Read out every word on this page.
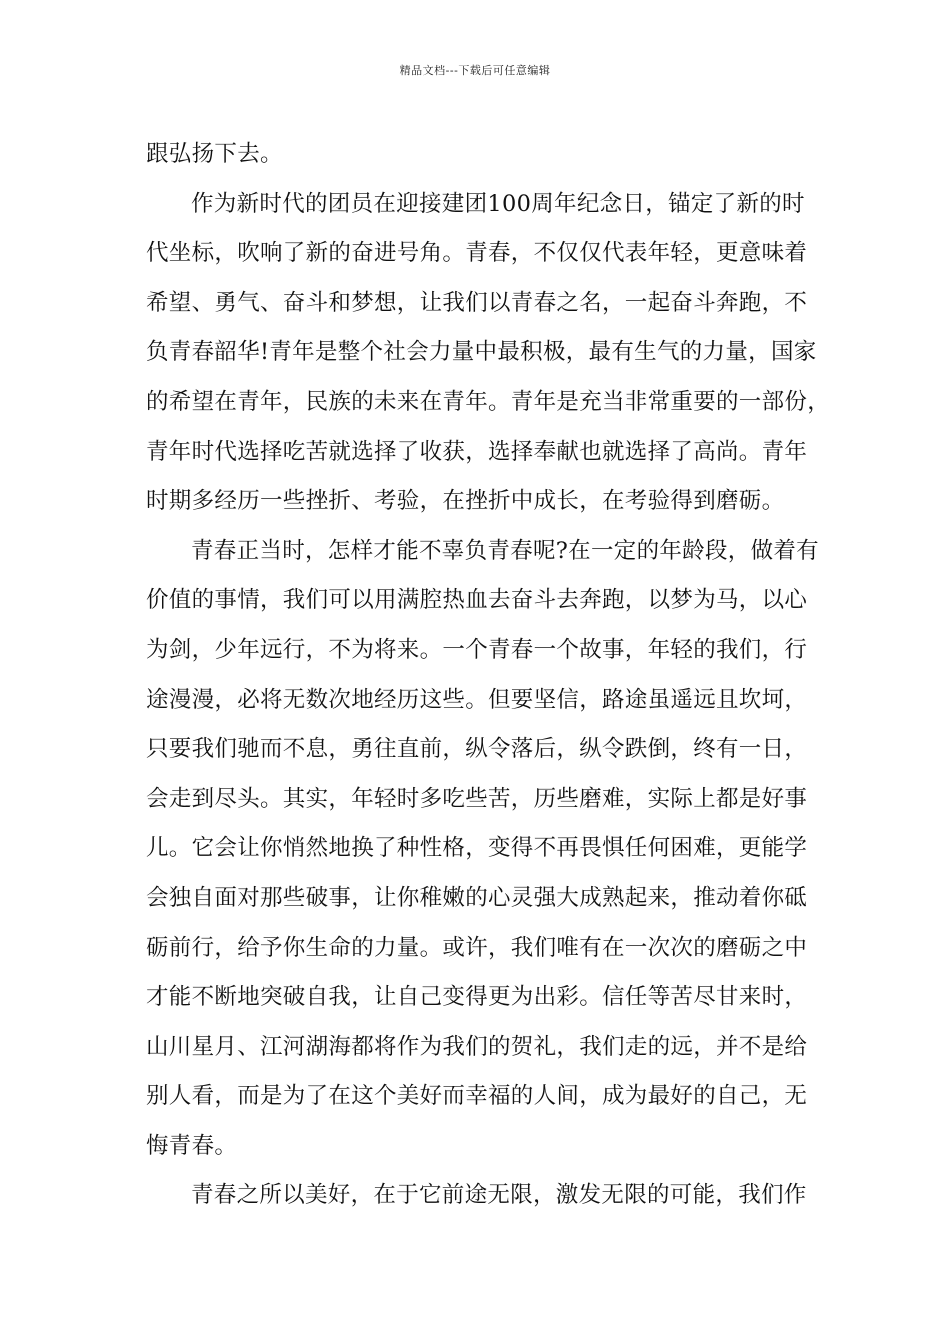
精品文档---下载后可任意编辑
跟弘扬下去。
作为新时代的团员在迎接建团100周年纪念日，锚定了新的时
代坐标，吹响了新的奋进号角。青春，不仅仅代表年轻，更意味着
希望、勇气、奋斗和梦想，让我们以青春之名，一起奋斗奔跑，不
负青春韶华!青年是整个社会力量中最积极，最有生气的力量，国家
的希望在青年，民族的未来在青年。青年是充当非常重要的一部份，
青年时代选择吃苦就选择了收获，选择奉献也就选择了高尚。青年
时期多经历一些挫折、考验，在挫折中成长，在考验得到磨砺。
青春正当时，怎样才能不辜负青春呢?在一定的年龄段，做着有
价值的事情，我们可以用满腔热血去奋斗去奔跑，以梦为马，以心
为剑，少年远行，不为将来。一个青春一个故事，年轻的我们，行
途漫漫，必将无数次地经历这些。但要坚信，路途虽遥远且坎坷，
只要我们驰而不息，勇往直前，纵令落后，纵令跌倒，终有一日，
会走到尽头。其实，年轻时多吃些苦，历些磨难，实际上都是好事
儿。它会让你悄然地换了种性格，变得不再畏惧任何困难，更能学
会独自面对那些破事，让你稚嫩的心灵强大成熟起来，推动着你砥
砺前行，给予你生命的力量。或许，我们唯有在一次次的磨砺之中
才能不断地突破自我，让自己变得更为出彩。信任等苦尽甘来时，
山川星月、江河湖海都将作为我们的贺礼，我们走的远，并不是给
别人看，而是为了在这个美好而幸福的人间，成为最好的自己，无
悔青春。
青春之所以美好，在于它前途无限，激发无限的可能，我们作
